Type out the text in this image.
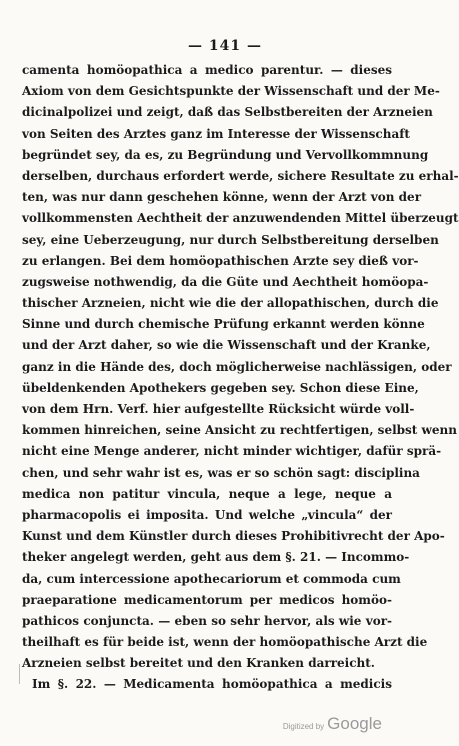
— 141 —
camenta homöopathica a medico parentur. — dieses
Axiom von dem Gesichtspunkte der Wissenschaft und der Me-
dicinalpolizei und zeigt, daß das Selbstbereiten der Arzneien
von Seiten des Arztes ganz im Interesse der Wissenschaft
begründet sey, da es, zu Begründung und Vervollkommnung
derselben, durchaus erfordert werde, sichere Resultate zu erhal-
ten, was nur dann geschehen könne, wenn der Arzt von der
vollkommensten Aechtheit der anzuwendenden Mittel überzeugt
sey, eine Ueberzeugung, nur durch Selbstbereitung derselben
zu erlangen. Bei dem homöopathischen Arzte sey dieß vor-
zugsweise nothwendig, da die Güte und Aechtheit homöopa-
thischer Arzneien, nicht wie die der allopathischen, durch die
Sinne und durch chemische Prüfung erkannt werden könne
und der Arzt daher, so wie die Wissenschaft und der Kranke,
ganz in die Hände des, doch möglicherweise nachlässigen, oder
übeldenkenden Apothekers gegeben sey. Schon diese Eine,
von dem Hrn. Verf. hier aufgestellte Rücksicht würde voll-
kommen hinreichen, seine Ansicht zu rechtfertigen, selbst wenn
nicht eine Menge anderer, nicht minder wichtiger, dafür sprä-
chen, und sehr wahr ist es, was er so schön sagt: disciplina
medica non patitur vincula, neque a lege, neque a
pharmacopolis ei imposita. Und welche „vincula“ der
Kunst und dem Künstler durch dieses Prohibitivrecht der Apo-
theker angelegt werden, geht aus dem §. 21. — Incommo-
da, cum intercessione apothecariorum et commoda cum
praeparatione medicamentorum per medicos homöo-
pathicos conjuncta. — eben so sehr hervor, als wie vor-
theilhaft es für beide ist, wenn der homöopathische Arzt die
Arzneien selbst bereitet und den Kranken darreicht.
Im §. 22. — Medicamenta homöopathica a medicis
Digitized by Google
